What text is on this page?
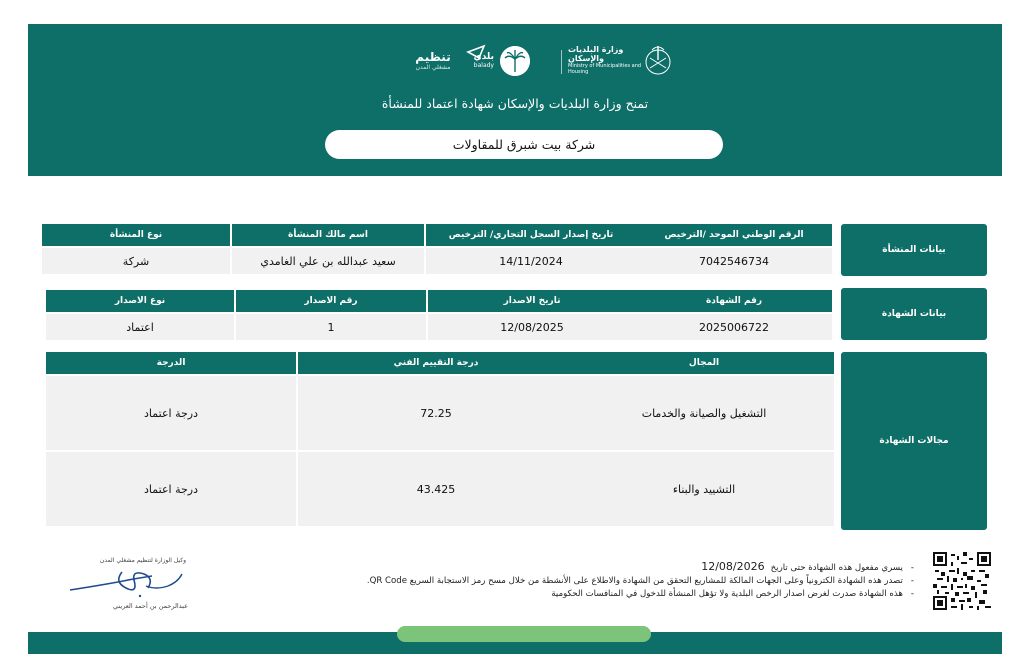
تنظيم
مشغلي المدن
بلدي
balady
وزارة البلديات والإسكان
Ministry of Municipalities and Housing
تمنح وزارة البلديات والإسكان شهادة اعتماد للمنشأة
شركة بيت شبرق للمقاولات
بيانات المنشأة
نوع المنشأة	اسم مالك المنشأة	تاريخ إصدار السجل التجاري/ الترخيص	الرقم الوطني الموحد /الترخيص
شركة	سعيد عبدالله بن علي الغامدي	14/11/2024	7042546734
بيانات الشهادة
نوع الاصدار	رقم الاصدار	تاريخ الاصدار	رقم الشهادة
اعتماد	1	12/08/2025	2025006722
مجالات الشهادة
الدرجة	درجة التقييم الفني	المجال
درجة اعتماد	72.25	التشغيل والصيانة والخدمات
درجة اعتماد	43.425	التشييد والبناء
-
يسري مفعول هذه الشهادة حتى تاريخ
12/08/2026
-
تصدر هذه الشهادة الكترونياً وعلى الجهات المالكة للمشاريع التحقق من الشهادة والاطلاع على الأنشطة من خلال مسح رمز الاستجابة السريع QR Code.
-
هذه الشهادة صدرت لغرض اصدار الرخص البلدية ولا تؤهل المنشأة للدخول في المنافسات الحكومية
وكيل الوزارة لتنظيم مشغلي المدن
عبدالرحمن بن أحمد العريني
